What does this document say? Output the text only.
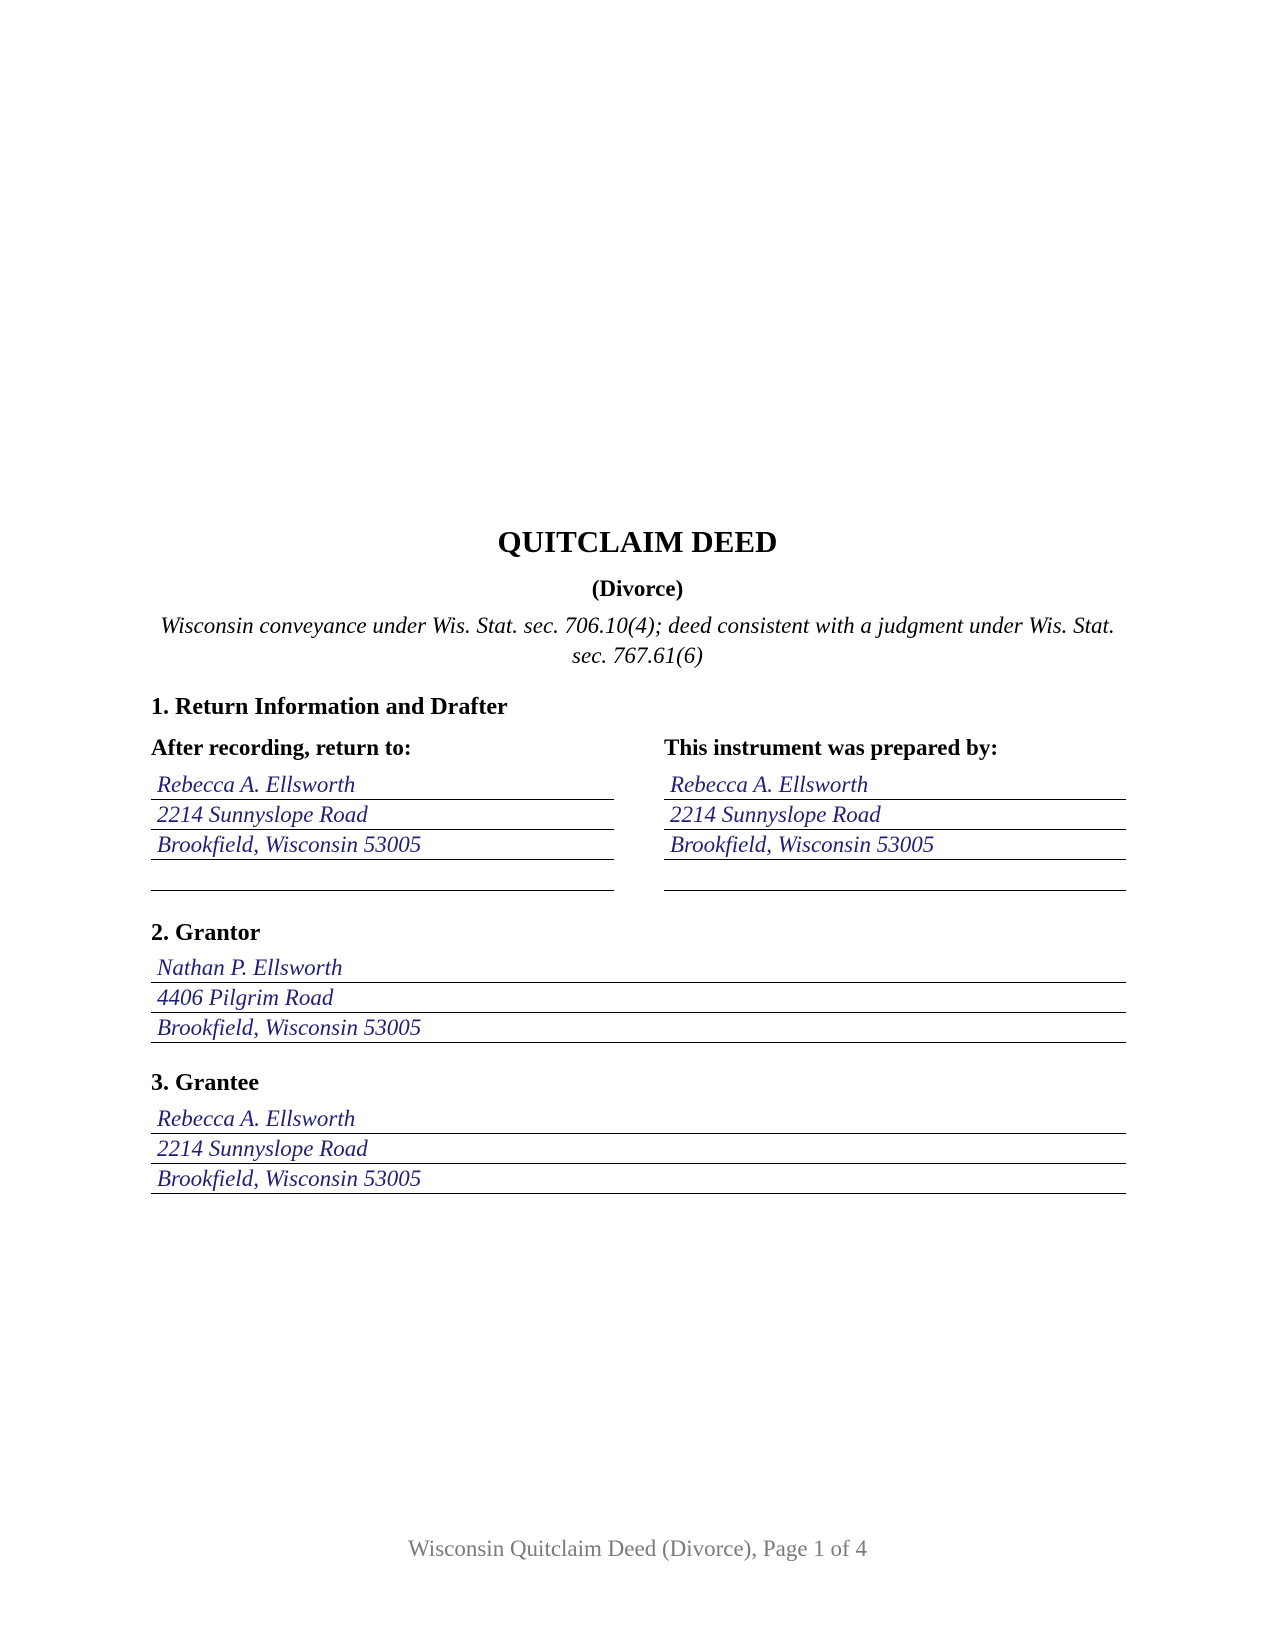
QUITCLAIM DEED
(Divorce)
Wisconsin conveyance under Wis. Stat. sec. 706.10(4); deed consistent with a judgment under Wis. Stat. sec. 767.61(6)
1. Return Information and Drafter
After recording, return to:	This instrument was prepared by:
Rebecca A. Ellsworth
2214 Sunnyslope Road
Brookfield, Wisconsin 53005
Rebecca A. Ellsworth
2214 Sunnyslope Road
Brookfield, Wisconsin 53005
2. Grantor
Nathan P. Ellsworth
4406 Pilgrim Road
Brookfield, Wisconsin 53005
3. Grantee
Rebecca A. Ellsworth
2214 Sunnyslope Road
Brookfield, Wisconsin 53005
Wisconsin Quitclaim Deed (Divorce), Page 1 of 4
